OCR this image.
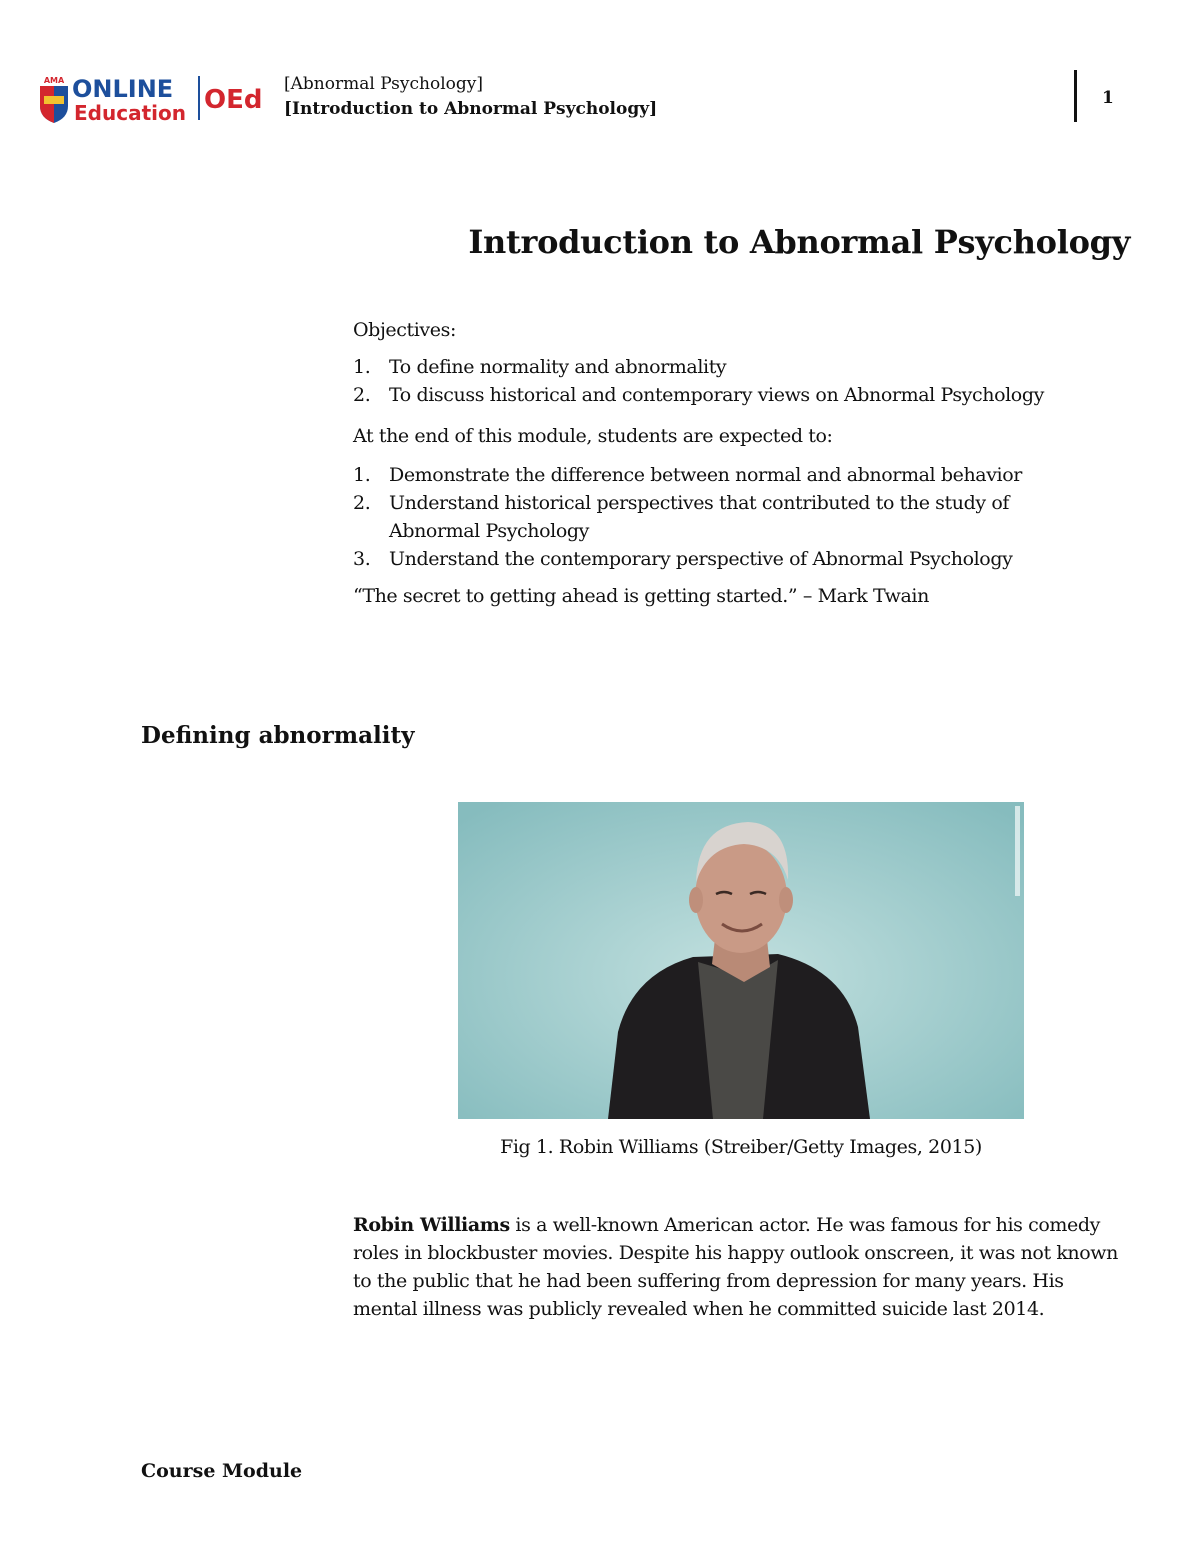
AMA ONLINE
Education OEd
[Abnormal Psychology]
[Introduction to Abnormal Psychology]
1
Introduction to Abnormal Psychology
Objectives:
1. To define normality and abnormality
2. To discuss historical and contemporary views on Abnormal Psychology
At the end of this module, students are expected to:
1. Demonstrate the difference between normal and abnormal behavior
2. Understand historical perspectives that contributed to the study of Abnormal Psychology
3. Understand the contemporary perspective of Abnormal Psychology
“The secret to getting ahead is getting started.” – Mark Twain
Defining abnormality
Fig 1. Robin Williams (Streiber/Getty Images, 2015)

Robin Williams is a well-known American actor. He was famous for his comedy roles in blockbuster movies. Despite his happy outlook onscreen, it was not known to the public that he had been suffering from depression for many years. His mental illness was publicly revealed when he committed suicide last 2014.

Course Module
